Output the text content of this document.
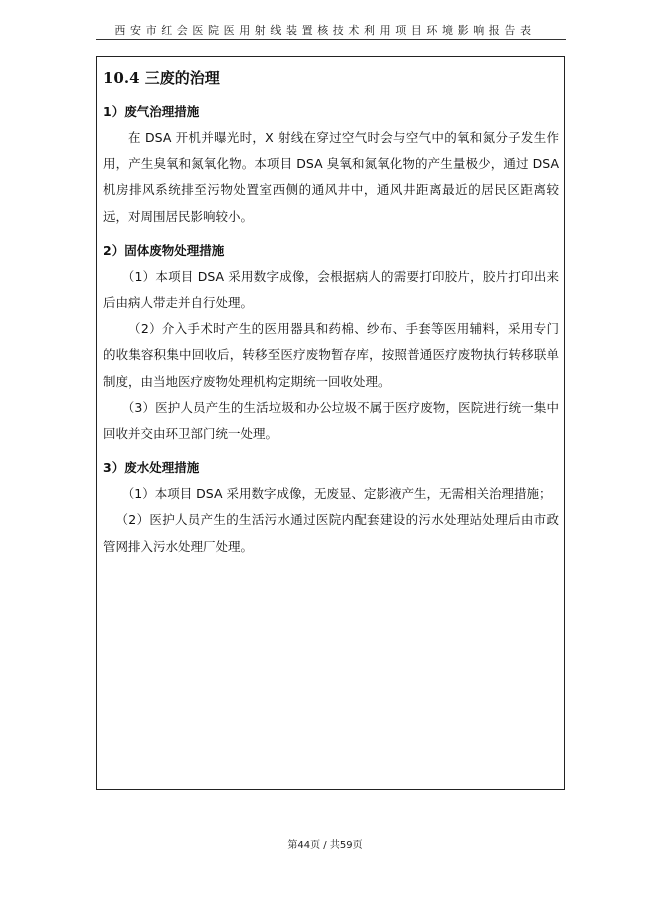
西安市红会医院医用射线装置核技术利用项目环境影响报告表
10.4 三废的治理
1）废气治理措施

在 DSA 开机并曝光时，X 射线在穿过空气时会与空气中的氧和氮分子发生作用，产生臭氧和氮氧化物。本项目 DSA 臭氧和氮氧化物的产生量极少，通过 DSA 机房排风系统排至污物处置室西侧的通风井中，通风井距离最近的居民区距离较远，对周围居民影响较小。

2）固体废物处理措施

（1）本项目 DSA 采用数字成像，会根据病人的需要打印胶片，胶片打印出来后由病人带走并自行处理。

（2）介入手术时产生的医用器具和药棉、纱布、手套等医用辅料，采用专门的收集容积集中回收后，转移至医疗废物暂存库，按照普通医疗废物执行转移联单制度，由当地医疗废物处理机构定期统一回收处理。

（3）医护人员产生的生活垃圾和办公垃圾不属于医疗废物，医院进行统一集中回收并交由环卫部门统一处理。

3）废水处理措施

（1）本项目 DSA 采用数字成像，无废显、定影液产生，无需相关治理措施；

（2）医护人员产生的生活污水通过医院内配套建设的污水处理站处理后由市政管网排入污水处理厂处理。

第44页 / 共59页
